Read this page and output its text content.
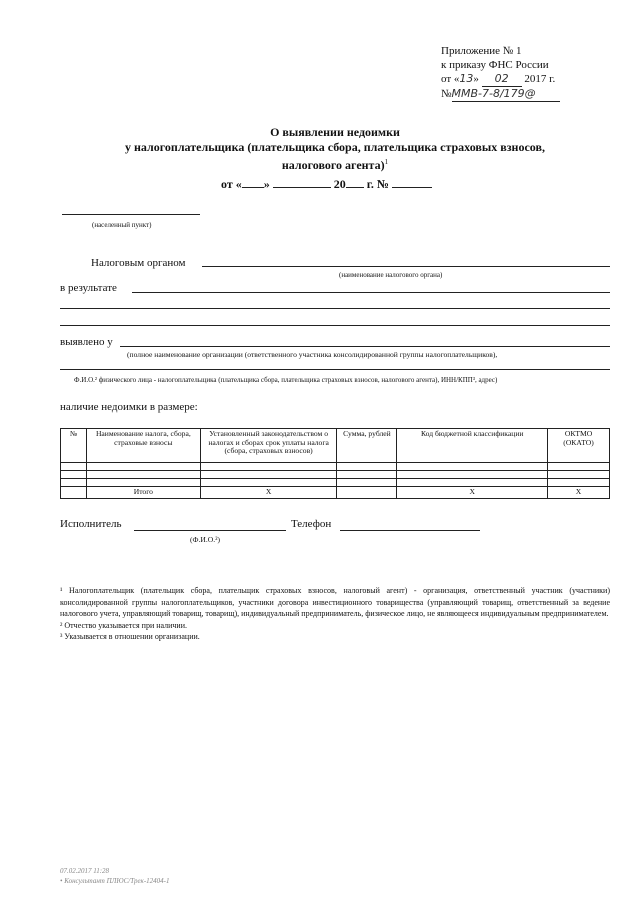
Приложение № 1
к приказу ФНС России
от «13» 02 2017 г.
№ММВ-7-8/179@
О выявлении недоимки
у налогоплательщика (плательщика сбора, плательщика страховых взносов,
налогового агента)$^1$
от « »	20 г. №
(населенный пункт)
Налоговым органом
(наименование налогового органа)
в результате
выявлено у
(полное наименование организации (ответственного участника консолидированной группы налогоплательщиков),
Ф.И.О.² физического лица - налогоплательщика (плательщика сбора, плательщика страховых взносов, налогового агента), ИНН/КПП³, адрес)
наличие недоимки в размере:
№	Наименование налога, сбора, страховые взносы	Установленный законодательством о налогах и сборах срок уплаты налога (сбора, страховых взносов)	Сумма, рублей	Код бюджетной классификации	ОКТМО (ОКАТО)

	Итого	Х		Х	Х
Исполнитель
(Ф.И.О.²)
Телефон
¹ Налогоплательщик (плательщик сбора, плательщик страховых взносов, налоговый агент) - организация, ответственный участник (участники) консолидированной группы налогоплательщиков, участники договора инвестиционного товарищества (управляющий товарищ, ответственный за ведение налогового учета, управляющий товарищ, товарищ), индивидуальный предприниматель, физическое лицо, не являющееся индивидуальным предпринимателем.
² Отчество указывается при наличии.
³ Указывается в отношении организации.
07.02.2017 11:28
• Консультант ПЛЮС/Трек-12404-1
